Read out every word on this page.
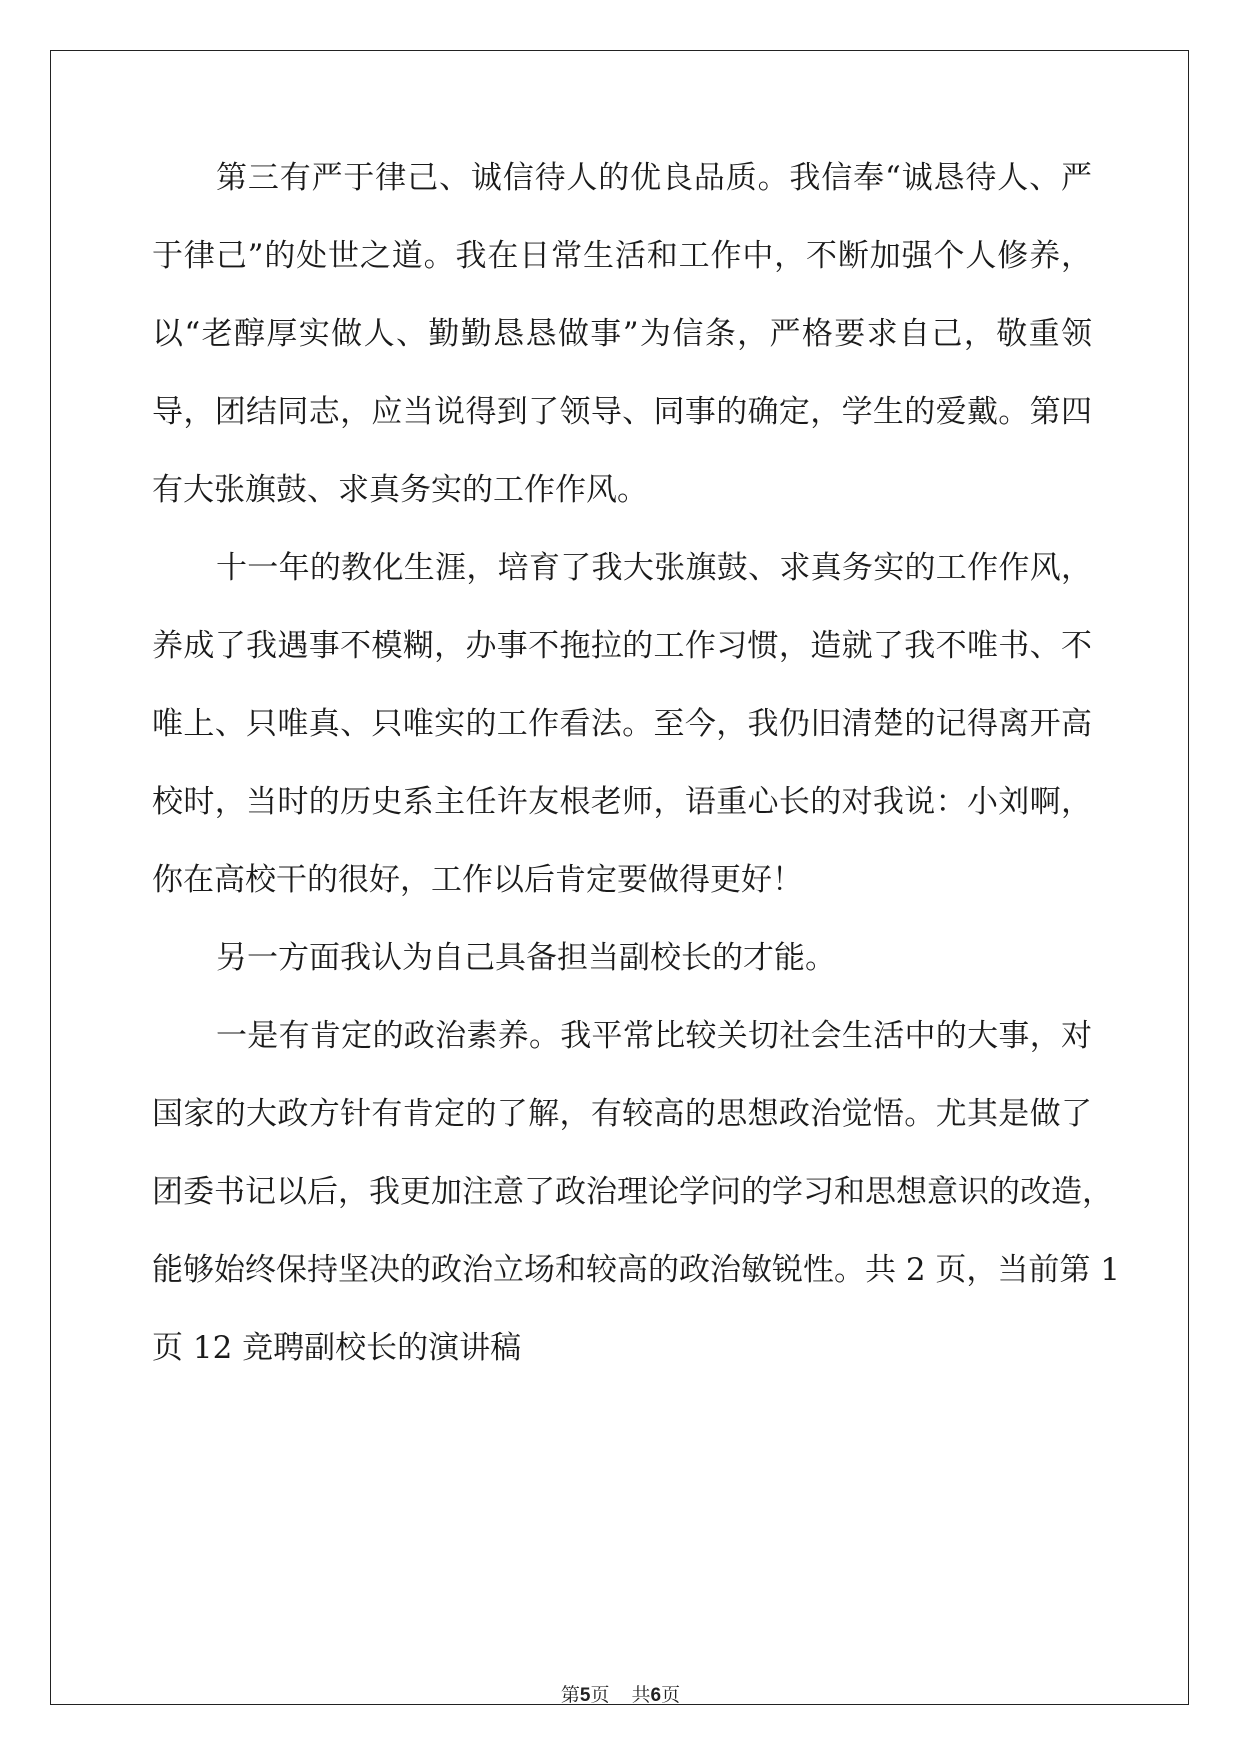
第三有严于律己、诚信待人的优良品质。我信奉“诚恳待人、严
于律己”的处世之道。我在日常生活和工作中，不断加强个人修养，
以“老醇厚实做人、勤勤恳恳做事”为信条，严格要求自己，敬重领
导，团结同志，应当说得到了领导、同事的确定，学生的爱戴。第四
有大张旗鼓、求真务实的工作作风。
十一年的教化生涯，培育了我大张旗鼓、求真务实的工作作风，
养成了我遇事不模糊，办事不拖拉的工作习惯，造就了我不唯书、不
唯上、只唯真、只唯实的工作看法。至今，我仍旧清楚的记得离开高
校时，当时的历史系主任许友根老师，语重心长的对我说：小刘啊，
你在高校干的很好，工作以后肯定要做得更好！
另一方面我认为自己具备担当副校长的才能。
一是有肯定的政治素养。我平常比较关切社会生活中的大事，对
国家的大政方针有肯定的了解，有较高的思想政治觉悟。尤其是做了
团委书记以后，我更加注意了政治理论学问的学习和思想意识的改造，
能够始终保持坚决的政治立场和较高的政治敏锐性。共 2 页，当前第 1
页 12 竞聘副校长的演讲稿
第5页 共6页
